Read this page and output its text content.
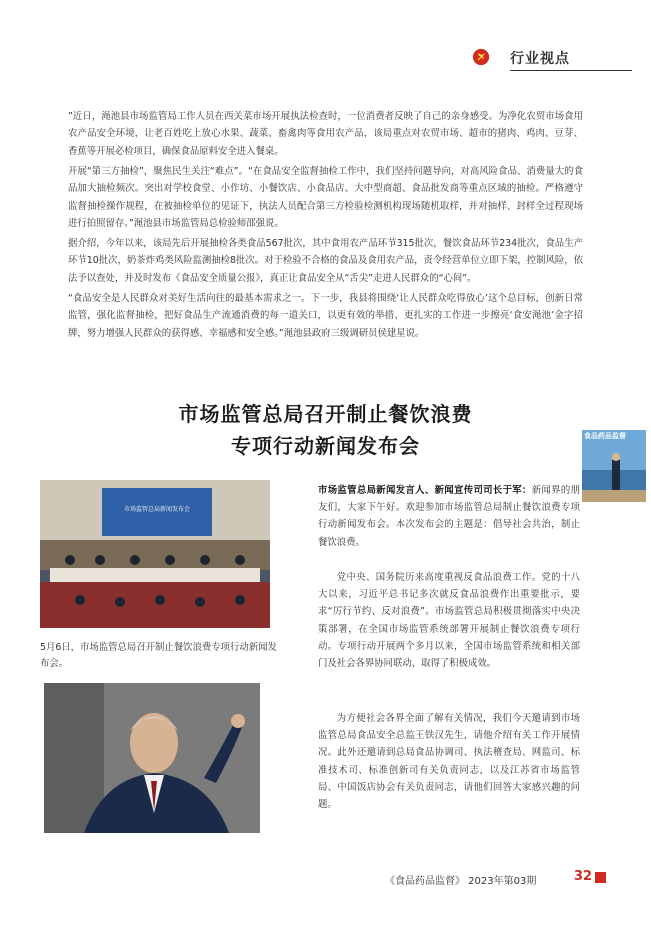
行业视点

”近日，渑池县市场监管局工作人员在西关菜市场开展执法检查时，一位消费者反映了自己的亲身感受。为净化农贸市场食用农产品安全环境，让老百姓吃上放心水果、蔬菜、畜禽肉等食用农产品，该局重点对农贸市场、超市的猪肉、鸡肉、豆芽、香蕉等开展必检项目，确保食品原料安全进入餐桌。

开展“第三方抽检”，聚焦民生关注“难点”。“在食品安全监督抽检工作中，我们坚持问题导向，对高风险食品、消费量大的食品加大抽检频次。突出对学校食堂、小作坊、小餐饮店、小食品店、大中型商超、食品批发商等重点区域的抽检。严格遵守监督抽检操作规程，在被抽检单位的见证下，执法人员配合第三方检验检测机构现场随机取样，并对抽样、封样全过程现场进行拍照留存。”渑池县市场监管局总检验师邵强说。

据介绍，今年以来，该局先后开展抽检各类食品567批次，其中食用农产品环节315批次，餐饮食品环节234批次，食品生产环节10批次，奶茶炸鸡类风险监测抽检8批次。对于检验不合格的食品及食用农产品，责令经营单位立即下架，控制风险，依法予以查处，并及时发布《食品安全质量公报》，真正让食品安全从“舌尖”走进人民群众的“心间”。

“食品安全是人民群众对美好生活向往的最基本需求之一。下一步，我县将围绕‘让人民群众吃得放心’这个总目标，创新日常监管，强化监督抽检，把好食品生产流通消费的每一道关口，以更有效的举措、更扎实的工作进一步擦亮‘食安渑池’金字招牌，努力增强人民群众的获得感、幸福感和安全感。”渑池县政府三级调研员侯建星说。

市场监管总局召开制止餐饮浪费
专项行动新闻发布会	食品药品监督
市场监管总局新闻发布会

5月6日，市场监管总局召开制止餐饮浪费专项行动新闻发布会。

市场监管总局新闻发言人、新闻宣传司司长于军：新闻界的朋友们，大家下午好。欢迎参加市场监管总局制止餐饮浪费专项行动新闻发布会。本次发布会的主题是：倡导社会共治，制止餐饮浪费。

党中央、国务院历来高度重视反食品浪费工作。党的十八大以来，习近平总书记多次就反食品浪费作出重要批示，要求“厉行节约、反对浪费”。市场监管总局积极贯彻落实中央决策部署，在全国市场监管系统部署开展制止餐饮浪费专项行动。专项行动开展两个多月以来，全国市场监管系统和相关部门及社会各界协同联动，取得了积极成效。

为方便社会各界全面了解有关情况，我们今天邀请到市场监管总局食品安全总监王铁汉先生，请他介绍有关工作开展情况。此外还邀请到总局食品协调司、执法稽查局、网监司、标准技术司、标准创新司有关负责同志，以及江苏省市场监管局、中国饭店协会有关负责同志，请他们回答大家感兴趣的问题。

《食品药品监督》 2023年第03期	32
